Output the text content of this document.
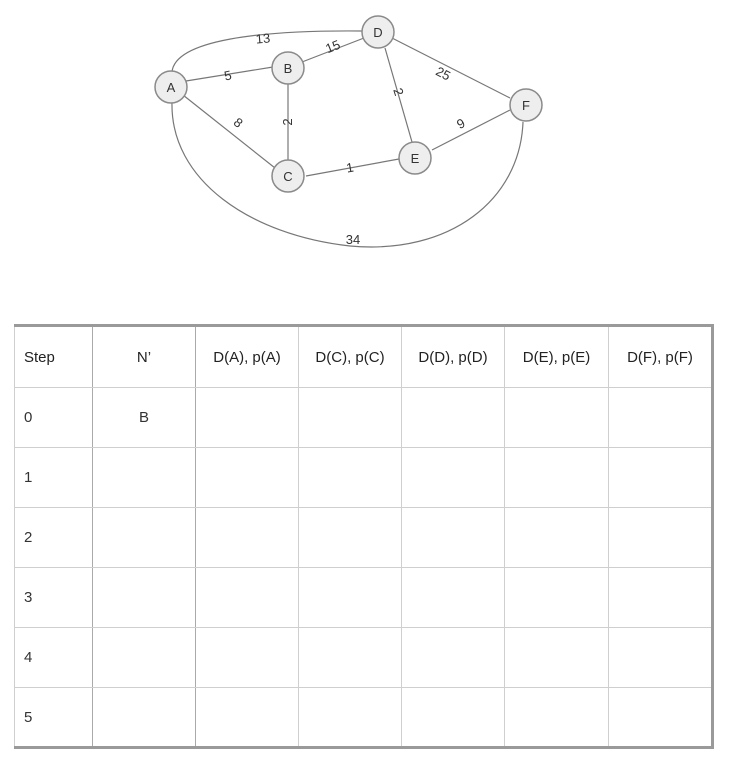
5
8
13
34
2
15
1
2
25
9
A
B
C
D
E
F
Step	N’	D(A), p(A)	D(C), p(C)	D(D), p(D)	D(E), p(E)	D(F), p(F)
0	B					
1						
2						
3						
4						
5						
